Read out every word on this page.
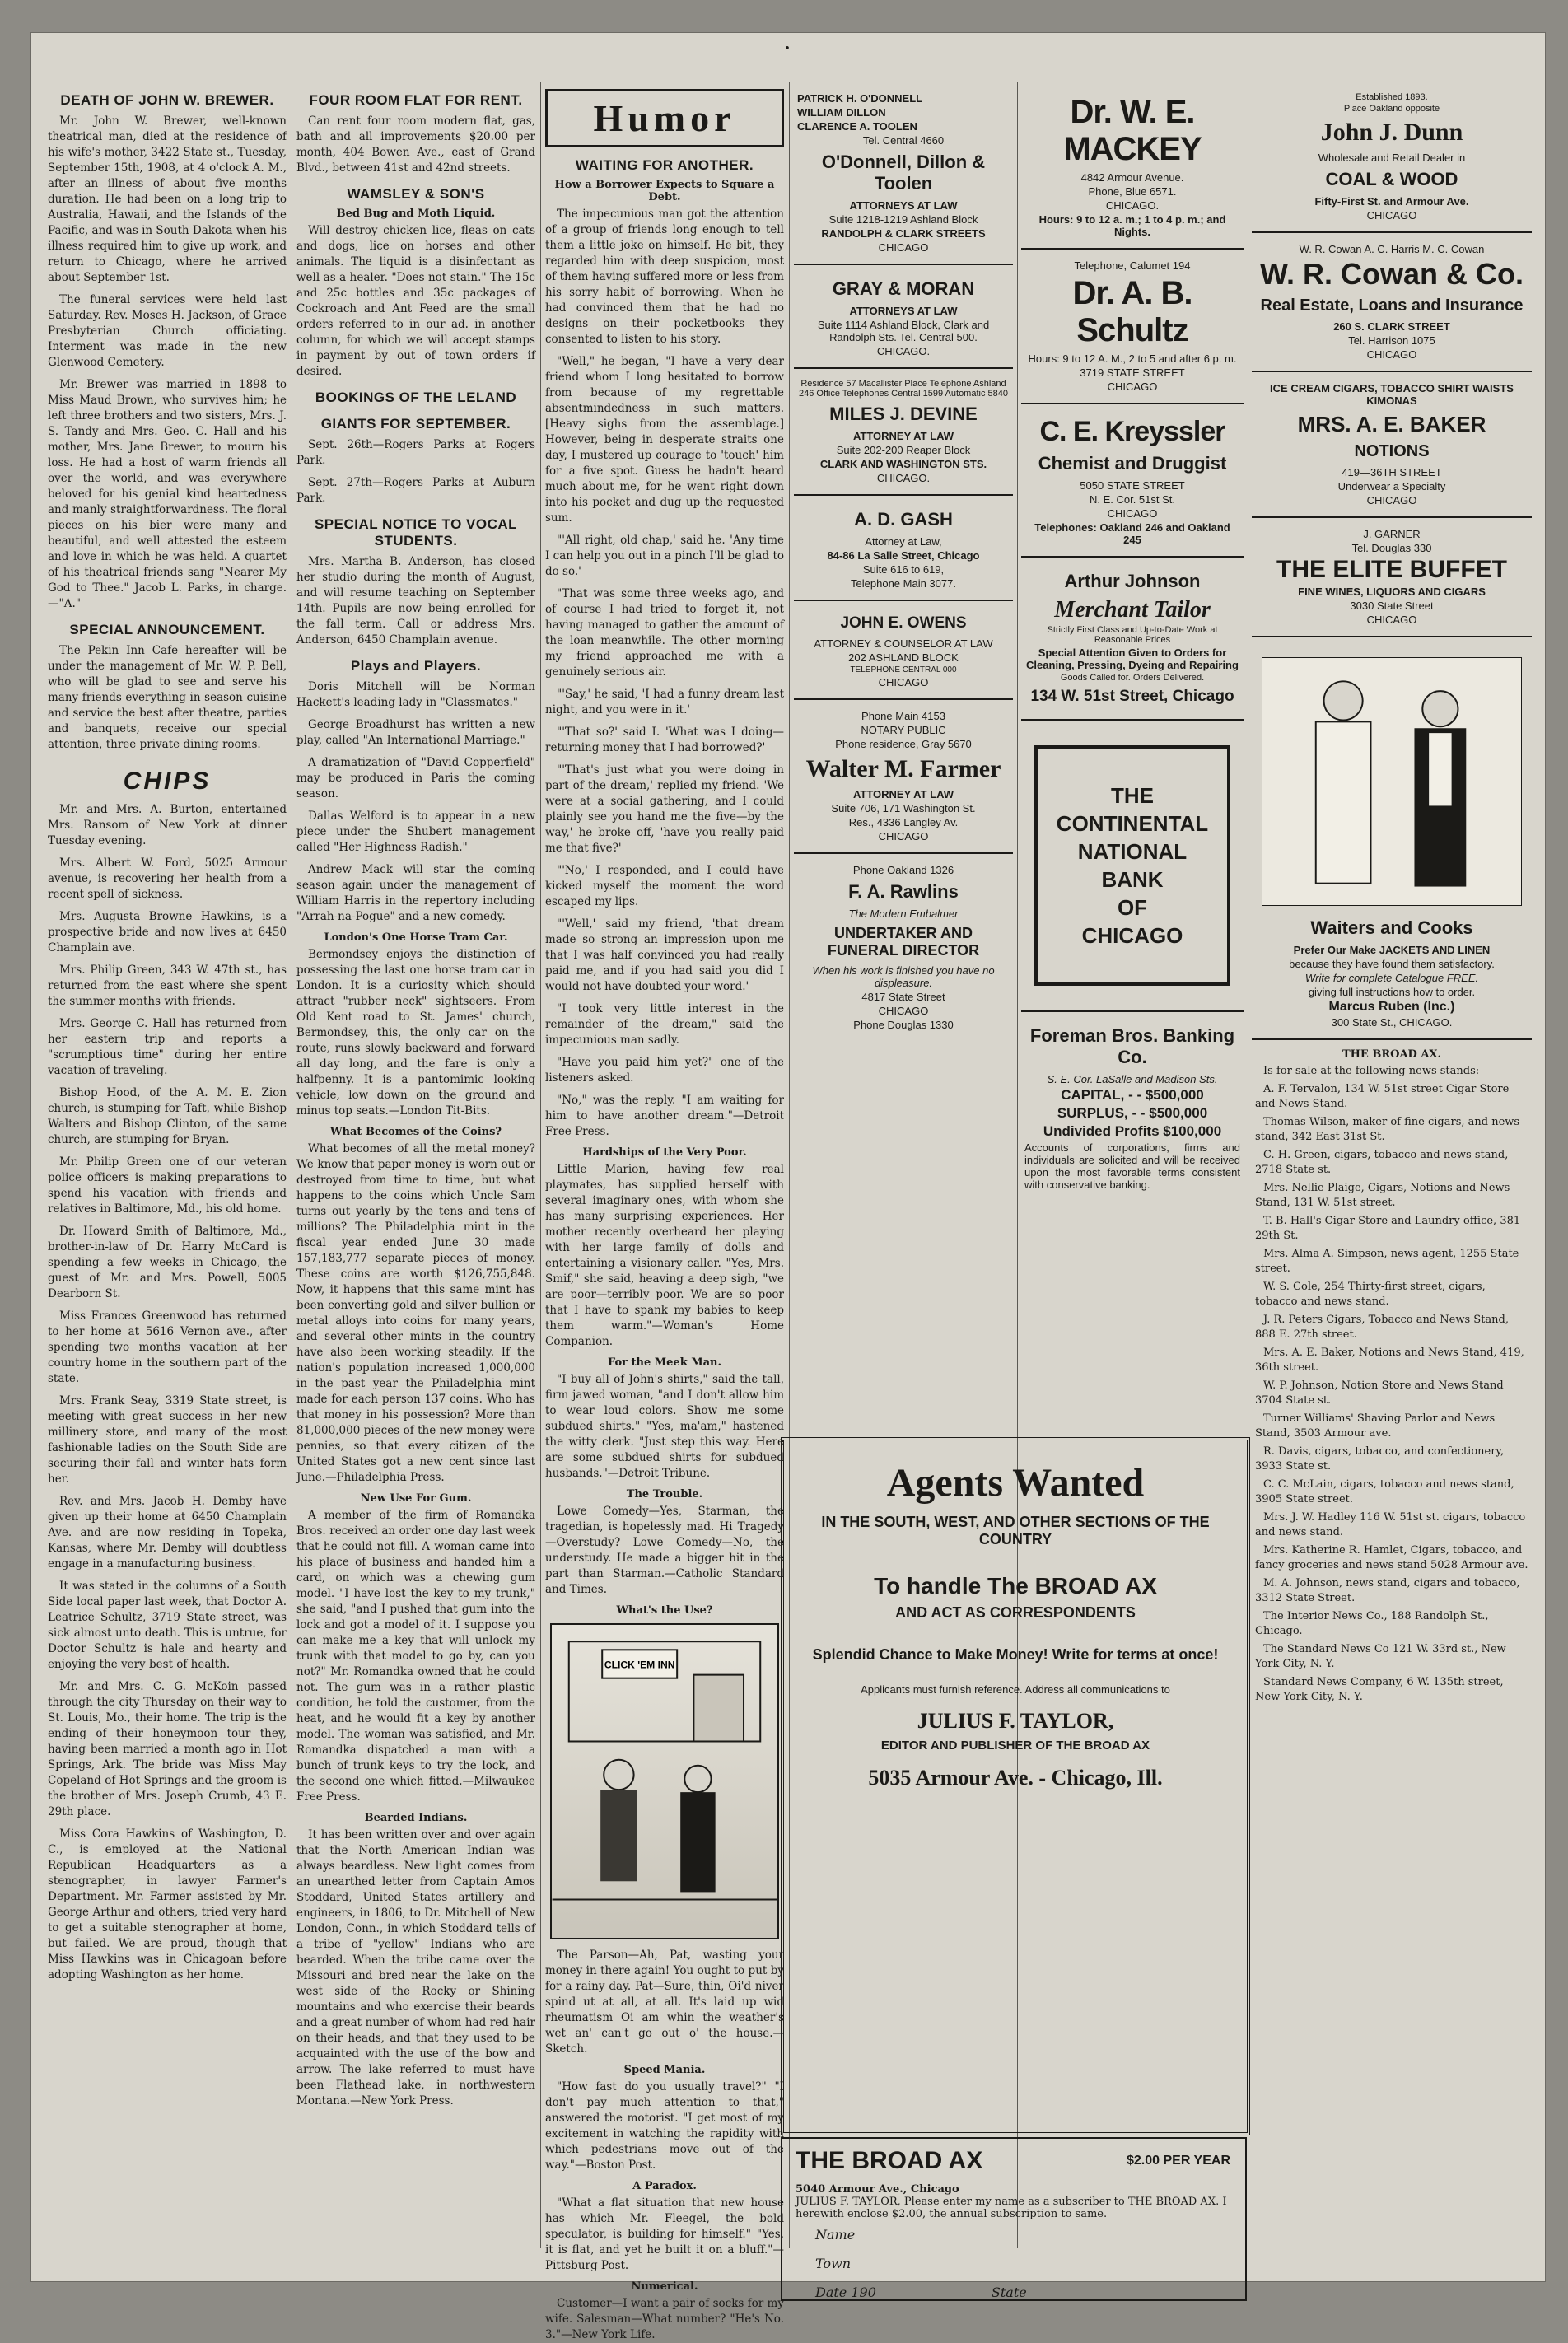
•
DEATH OF JOHN W. BREWER.

Mr. John W. Brewer, well-known theatrical man, died at the residence of his wife's mother, 3422 State st., Tuesday, September 15th, 1908, at 4 o'clock A. M., after an illness of about five months duration. He had been on a long trip to Australia, Hawaii, and the Islands of the Pacific, and was in South Dakota when his illness required him to give up work, and return to Chicago, where he arrived about September 1st.

The funeral services were held last Saturday. Rev. Moses H. Jackson, of Grace Presbyterian Church officiating. Interment was made in the new Glenwood Cemetery.

Mr. Brewer was married in 1898 to Miss Maud Brown, who survives him; he left three brothers and two sisters, Mrs. J. S. Tandy and Mrs. Geo. C. Hall and his mother, Mrs. Jane Brewer, to mourn his loss. He had a host of warm friends all over the world, and was everywhere beloved for his genial kind heartedness and manly straightforwardness. The floral pieces on his bier were many and beautiful, and well attested the esteem and love in which he was held. A quartet of his theatrical friends sang "Nearer My God to Thee." Jacob L. Parks, in charge.—"A."

SPECIAL ANNOUNCEMENT.

The Pekin Inn Cafe hereafter will be under the management of Mr. W. P. Bell, who will be glad to see and serve his many friends everything in season cuisine and service the best after theatre, parties and banquets, receive our special attention, three private dining rooms.

CHIPS

Mr. and Mrs. A. Burton, entertained Mrs. Ransom of New York at dinner Tuesday evening.

Mrs. Albert W. Ford, 5025 Armour avenue, is recovering her health from a recent spell of sickness.

Mrs. Augusta Browne Hawkins, is a prospective bride and now lives at 6450 Champlain ave.

Mrs. Philip Green, 343 W. 47th st., has returned from the east where she spent the summer months with friends.

Mrs. George C. Hall has returned from her eastern trip and reports a "scrumptious time" during her entire vacation of traveling.

Bishop Hood, of the A. M. E. Zion church, is stumping for Taft, while Bishop Walters and Bishop Clinton, of the same church, are stumping for Bryan.

Mr. Philip Green one of our veteran police officers is making preparations to spend his vacation with friends and relatives in Baltimore, Md., his old home.

Dr. Howard Smith of Baltimore, Md., brother-in-law of Dr. Harry McCard is spending a few weeks in Chicago, the guest of Mr. and Mrs. Powell, 5005 Dearborn St.

Miss Frances Greenwood has returned to her home at 5616 Vernon ave., after spending two months vacation at her country home in the southern part of the state.

Mrs. Frank Seay, 3319 State street, is meeting with great success in her new millinery store, and many of the most fashionable ladies on the South Side are securing their fall and winter hats form her.

Rev. and Mrs. Jacob H. Demby have given up their home at 6450 Champlain Ave. and are now residing in Topeka, Kansas, where Mr. Demby will doubtless engage in a manufacturing business.

It was stated in the columns of a South Side local paper last week, that Doctor A. Leatrice Schultz, 3719 State street, was sick almost unto death. This is untrue, for Doctor Schultz is hale and hearty and enjoying the very best of health.

Mr. and Mrs. C. G. McKoin passed through the city Thursday on their way to St. Louis, Mo., their home. The trip is the ending of their honeymoon tour they, having been married a month ago in Hot Springs, Ark. The bride was Miss May Copeland of Hot Springs and the groom is the brother of Mrs. Joseph Crumb, 43 E. 29th place.

Miss Cora Hawkins of Washington, D. C., is employed at the National Republican Headquarters as a stenographer, in lawyer Farmer's Department. Mr. Farmer assisted by Mr. George Arthur and others, tried very hard to get a suitable stenographer at home, but failed. We are proud, though that Miss Hawkins was in Chicagoan before adopting Washington as her home.

FOUR ROOM FLAT FOR RENT.

Can rent four room modern flat, gas, bath and all improvements $20.00 per month, 404 Bowen Ave., east of Grand Blvd., between 41st and 42nd streets.

WAMSLEY & SON'S
Bed Bug and Moth Liquid.

Will destroy chicken lice, fleas on cats and dogs, lice on horses and other animals. The liquid is a disinfectant as well as a healer. "Does not stain." The 15c and 25c bottles and 35c packages of Cockroach and Ant Feed are the small orders referred to in our ad. in another column, for which we will accept stamps in payment by out of town orders if desired.

BOOKINGS OF THE LELAND
GIANTS FOR SEPTEMBER.

Sept. 26th—Rogers Parks at Rogers Park.

Sept. 27th—Rogers Parks at Auburn Park.

SPECIAL NOTICE TO VOCAL STUDENTS.

Mrs. Martha B. Anderson, has closed her studio during the month of August, and will resume teaching on September 14th. Pupils are now being enrolled for the fall term. Call or address Mrs. Anderson, 6450 Champlain avenue.

Plays and Players.

Doris Mitchell will be Norman Hackett's leading lady in "Classmates."

George Broadhurst has written a new play, called "An International Marriage."

A dramatization of "David Copperfield" may be produced in Paris the coming season.

Dallas Welford is to appear in a new piece under the Shubert management called "Her Highness Radish."

Andrew Mack will star the coming season again under the management of William Harris in the repertory including "Arrah-na-Pogue" and a new comedy.

London's One Horse Tram Car.

Bermondsey enjoys the distinction of possessing the last one horse tram car in London. It is a curiosity which should attract "rubber neck" sightseers. From Old Kent road to St. James' church, Bermondsey, this, the only car on the route, runs slowly backward and forward all day long, and the fare is only a halfpenny. It is a pantomimic looking vehicle, low down on the ground and minus top seats.—London Tit-Bits.

What Becomes of the Coins?

What becomes of all the metal money? We know that paper money is worn out or destroyed from time to time, but what happens to the coins which Uncle Sam turns out yearly by the tens and tens of millions? The Philadelphia mint in the fiscal year ended June 30 made 157,183,777 separate pieces of money. These coins are worth $126,755,848. Now, it happens that this same mint has been converting gold and silver bullion or metal alloys into coins for many years, and several other mints in the country have also been working steadily. If the nation's population increased 1,000,000 in the past year the Philadelphia mint made for each person 137 coins. Who has that money in his possession? More than 81,000,000 pieces of the new money were pennies, so that every citizen of the United States got a new cent since last June.—Philadelphia Press.

New Use For Gum.

A member of the firm of Romandka Bros. received an order one day last week that he could not fill. A woman came into his place of business and handed him a card, on which was a chewing gum model. "I have lost the key to my trunk," she said, "and I pushed that gum into the lock and got a model of it. I suppose you can make me a key that will unlock my trunk with that model to go by, can you not?" Mr. Romandka owned that he could not. The gum was in a rather plastic condition, he told the customer, from the heat, and he would fit a key by another model. The woman was satisfied, and Mr. Romandka dispatched a man with a bunch of trunk keys to try the lock, and the second one which fitted.—Milwaukee Free Press.

Bearded Indians.

It has been written over and over again that the North American Indian was always beardless. New light comes from an unearthed letter from Captain Amos Stoddard, United States artillery and engineers, in 1806, to Dr. Mitchell of New London, Conn., in which Stoddard tells of a tribe of "yellow" Indians who are bearded. When the tribe came over the Missouri and bred near the lake on the west side of the Rocky or Shining mountains and who exercise their beards and a great number of whom had red hair on their heads, and that they used to be acquainted with the use of the bow and arrow. The lake referred to must have been Flathead lake, in northwestern Montana.—New York Press.

Humor
WAITING FOR ANOTHER.
How a Borrower Expects to Square a Debt.

The impecunious man got the attention of a group of friends long enough to tell them a little joke on himself. He bit, they regarded him with deep suspicion, most of them having suffered more or less from his sorry habit of borrowing. When he had convinced them that he had no designs on their pocketbooks they consented to listen to his story.

"Well," he began, "I have a very dear friend whom I long hesitated to borrow from because of my regrettable absentmindedness in such matters. [Heavy sighs from the assemblage.] However, being in desperate straits one day, I mustered up courage to 'touch' him for a five spot. Guess he hadn't heard much about me, for he went right down into his pocket and dug up the requested sum.

"'All right, old chap,' said he. 'Any time I can help you out in a pinch I'll be glad to do so.'

"That was some three weeks ago, and of course I had tried to forget it, not having managed to gather the amount of the loan meanwhile. The other morning my friend approached me with a genuinely serious air.

"'Say,' he said, 'I had a funny dream last night, and you were in it.'

"'That so?' said I. 'What was I doing—returning money that I had borrowed?'

"'That's just what you were doing in part of the dream,' replied my friend. 'We were at a social gathering, and I could plainly see you hand me the five—by the way,' he broke off, 'have you really paid me that five?'

"'No,' I responded, and I could have kicked myself the moment the word escaped my lips.

"'Well,' said my friend, 'that dream made so strong an impression upon me that I was half convinced you had really paid me, and if you had said you did I would not have doubted your word.'

"I took very little interest in the remainder of the dream," said the impecunious man sadly.

"Have you paid him yet?" one of the listeners asked.

"No," was the reply. "I am waiting for him to have another dream."—Detroit Free Press.

Hardships of the Very Poor.

Little Marion, having few real playmates, has supplied herself with several imaginary ones, with whom she has many surprising experiences. Her mother recently overheard her playing with her large family of dolls and entertaining a visionary caller. "Yes, Mrs. Smif," she said, heaving a deep sigh, "we are poor—terribly poor. We are so poor that I have to spank my babies to keep them warm."—Woman's Home Companion.

For the Meek Man.

"I buy all of John's shirts," said the tall, firm jawed woman, "and I don't allow him to wear loud colors. Show me some subdued shirts." "Yes, ma'am," hastened the witty clerk. "Just step this way. Here are some subdued shirts for subdued husbands."—Detroit Tribune.

The Trouble.

Lowe Comedy—Yes, Starman, the tragedian, is hopelessly mad. Hi Tragedy—Overstudy? Lowe Comedy—No, the understudy. He made a bigger hit in the part than Starman.—Catholic Standard and Times.

What's the Use?
CLICK 'EM INN

The Parson—Ah, Pat, wasting your money in there again! You ought to put by for a rainy day. Pat—Sure, thin, Oi'd niver spind ut at all, at all. It's laid up wid rheumatism Oi am whin the weather's wet an' can't go out o' the house.—Sketch.

Speed Mania.

"How fast do you usually travel?" "I don't pay much attention to that," answered the motorist. "I get most of my excitement in watching the rapidity with which pedestrians move out of the way."—Boston Post.

A Paradox.

"What a flat situation that new house has which Mr. Fleegel, the bold speculator, is building for himself." "Yes, it is flat, and yet he built it on a bluff."—Pittsburg Post.

Numerical.

Customer—I want a pair of socks for my wife. Salesman—What number? "He's No. 3."—New York Life.

PATRICK H. O'DONNELL
WILLIAM DILLON
CLARENCE A. TOOLEN
Tel. Central 4660
O'Donnell, Dillon & Toolen
ATTORNEYS AT LAW
Suite 1218-1219 Ashland Block
RANDOLPH & CLARK STREETS
CHICAGO
GRAY & MORAN
ATTORNEYS AT LAW
Suite 1114 Ashland Block, Clark and Randolph Sts. Tel. Central 500.
CHICAGO.
Residence 57 Macallister Place Telephone Ashland 246 Office Telephones Central 1599 Automatic 5840
MILES J. DEVINE
ATTORNEY AT LAW
Suite 202-200 Reaper Block
CLARK AND WASHINGTON STS.
CHICAGO.
A. D. GASH
Attorney at Law,
84-86 La Salle Street, Chicago
Suite 616 to 619,
Telephone Main 3077.
JOHN E. OWENS
ATTORNEY & COUNSELOR AT LAW
202 ASHLAND BLOCK
TELEPHONE CENTRAL 000
CHICAGO
Phone Main 4153
NOTARY PUBLIC
Phone residence, Gray 5670
Walter M. Farmer
ATTORNEY AT LAW
Suite 706, 171 Washington St.
Res., 4336 Langley Av.
CHICAGO
Phone Oakland 1326
F. A. Rawlins
The Modern Embalmer
UNDERTAKER AND FUNERAL DIRECTOR
When his work is finished you have no displeasure.
4817 State Street
CHICAGO
Phone Douglas 1330
Dr. W. E. MACKEY
4842 Armour Avenue.
Phone, Blue 6571.
CHICAGO.
Hours: 9 to 12 a. m.; 1 to 4 p. m.; and Nights.
Telephone, Calumet 194
Dr. A. B. Schultz
Hours: 9 to 12 A. M., 2 to 5 and after 6 p. m.
3719 STATE STREET
CHICAGO
C. E. Kreyssler
Chemist and Druggist
5050 STATE STREET
N. E. Cor. 51st St.
CHICAGO
Telephones: Oakland 246 and Oakland 245
Arthur Johnson
Merchant Tailor
Strictly First Class and Up-to-Date Work at Reasonable Prices
Special Attention Given to Orders for Cleaning, Pressing, Dyeing and Repairing
Goods Called for. Orders Delivered.
134 W. 51st Street, Chicago
THE
CONTINENTAL
NATIONAL
BANK
OF
CHICAGO
Foreman Bros. Banking Co.
S. E. Cor. LaSalle and Madison Sts.
CAPITAL, - - $500,000
SURPLUS, - - $500,000
Undivided Profits $100,000
Accounts of corporations, firms and individuals are solicited and will be received upon the most favorable terms consistent with conservative banking.
Established 1893.
Place Oakland opposite
John J. Dunn
Wholesale and Retail Dealer in
COAL & WOOD
Fifty-First St. and Armour Ave.
CHICAGO
W. R. Cowan A. C. Harris M. C. Cowan
W. R. Cowan & Co.
Real Estate, Loans and Insurance
260 S. CLARK STREET
Tel. Harrison 1075
CHICAGO
ICE CREAM CIGARS, TOBACCO SHIRT WAISTS KIMONAS
MRS. A. E. BAKER
NOTIONS
419—36TH STREET
Underwear a Specialty
CHICAGO
J. GARNER
Tel. Douglas 330
THE ELITE BUFFET
FINE WINES, LIQUORS AND CIGARS
3030 State Street
CHICAGO
Waiters and Cooks
Prefer Our Make JACKETS AND LINEN
because they have found them satisfactory.
Write for complete Catalogue FREE.
giving full instructions how to order.
Marcus Ruben (Inc.)
300 State St., CHICAGO.
THE BROAD AX.

Is for sale at the following news stands:

A. F. Tervalon, 134 W. 51st street Cigar Store and News Stand.

Thomas Wilson, maker of fine cigars, and news stand, 342 East 31st St.

C. H. Green, cigars, tobacco and news stand, 2718 State st.

Mrs. Nellie Plaige, Cigars, Notions and News Stand, 131 W. 51st street.

T. B. Hall's Cigar Store and Laundry office, 381 29th St.

Mrs. Alma A. Simpson, news agent, 1255 State street.

W. S. Cole, 254 Thirty-first street, cigars, tobacco and news stand.

J. R. Peters Cigars, Tobacco and News Stand, 888 E. 27th street.

Mrs. A. E. Baker, Notions and News Stand, 419, 36th street.

W. P. Johnson, Notion Store and News Stand 3704 State st.

Turner Williams' Shaving Parlor and News Stand, 3503 Armour ave.

R. Davis, cigars, tobacco, and confectionery, 3933 State st.

C. C. McLain, cigars, tobacco and news stand, 3905 State street.

Mrs. J. W. Hadley 116 W. 51st st. cigars, tobacco and news stand.

Mrs. Katherine R. Hamlet, Cigars, tobacco, and fancy groceries and news stand 5028 Armour ave.

M. A. Johnson, news stand, cigars and tobacco, 3312 State Street.

The Interior News Co., 188 Randolph St., Chicago.

The Standard News Co 121 W. 33rd st., New York City, N. Y.

Standard News Company, 6 W. 135th street, New York City, N. Y.

Agents Wanted
IN THE SOUTH, WEST, AND OTHER SECTIONS OF THE COUNTRY
To handle The BROAD AX
AND ACT AS CORRESPONDENTS
Splendid Chance to Make Money! Write for terms at once!
Applicants must furnish reference. Address all communications to
JULIUS F. TAYLOR,
EDITOR AND PUBLISHER OF THE BROAD AX
5035 Armour Ave. - Chicago, Ill.
THE BROAD AX	$2.00 PER YEAR
5040 Armour Ave., Chicago
JULIUS F. TAYLOR, Please enter my name as a subscriber to THE BROAD AX. I herewith enclose $2.00, the annual subscription to same.
Name
Town
Date 190	State
